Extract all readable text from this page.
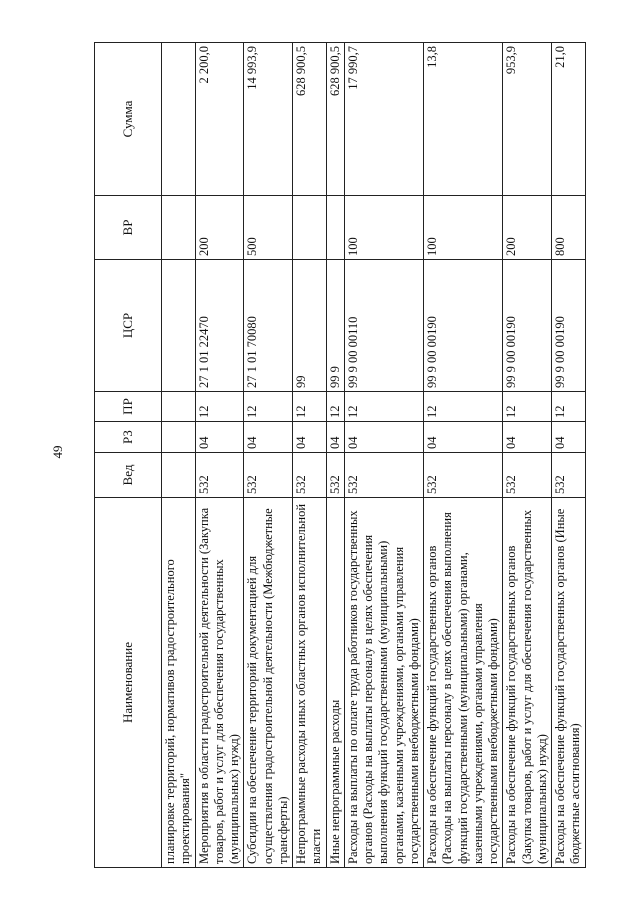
49
Наименование	Вед	РЗ	ПР	ЦСР	ВР	Сумма
планировке территорий, нормативов градостроительного проектирования"						
Мероприятия в области градостроительной деятельности (Закупка товаров, работ и услуг для обеспечения государственных (муниципальных) нужд)	532	04	12	27 1 01 22470	200	2 200,0
Субсидии на обеспечение территорий документацией для осуществления градостроительной деятельности (Межбюджетные трансферты)	532	04	12	27 1 01 70080	500	14 993,9
Непрограммные расходы иных областных органов исполнительной власти	532	04	12	99		628 900,5
Иные непрограммные расходы	532	04	12	99 9		628 900,5
Расходы на выплаты по оплате труда работников государственных органов (Расходы на выплаты персоналу в целях обеспечения выполнения функций государственными (муниципальными) органами, казенными учреждениями, органами управления государственными внебюджетными фондами)	532	04	12	99 9 00 00110	100	17 990,7
Расходы на обеспечение функций государственных органов (Расходы на выплаты персоналу в целях обеспечения выполнения функций государственными (муниципальными) органами, казенными учреждениями, органами управления государственными внебюджетными фондами)	532	04	12	99 9 00 00190	100	13,8
Расходы на обеспечение функций государственных органов (Закупка товаров, работ и услуг для обеспечения государственных (муниципальных) нужд)	532	04	12	99 9 00 00190	200	953,9
Расходы на обеспечение функций государственных органов (Иные бюджетные ассигнования)	532	04	12	99 9 00 00190	800	21,0
